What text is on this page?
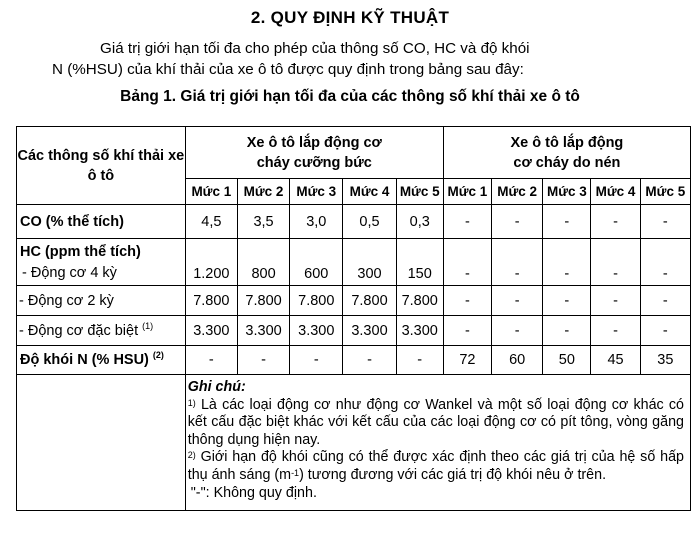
2. QUY ĐỊNH KỸ THUẬT
Giá trị giới hạn tối đa cho phép của thông số CO, HC và độ khói
N (%HSU) của khí thải của xe ô tô được quy định trong bảng sau đây:
Bảng 1. Giá trị giới hạn tối đa của các thông số khí thải xe ô tô
Các thông số khí thải xe ô tô	Xe ô tô lắp động cơ cháy cưỡng bức					Xe ô tô lắp động cơ cháy do nén				

	Mức 1	Mức 2	Mức 3	Mức 4	Mức 5	Mức 1	Mức 2	Mức 3	Mức 4	Mức 5
CO (% thể tích)	4,5	3,5	3,0	0,5	0,3	-	-	-	-	-

HC (ppm thể tích)
- Động cơ 4 kỳ	1.200	800	600	300	150	-	-	-	-	-
- Động cơ 2 kỳ	7.800	7.800	7.800	7.800	7.800	-	-	-	-	-
- Động cơ đặc biệt $^{(1)}$	3.300	3.300	3.300	3.300	3.300	-	-	-	-	-
Độ khói N (% HSU) $^{(2)}$	-	-	-	-	-	72	60	50	45	35

	Ghi chú:

$^{1)}$ Là các loại động cơ như động cơ Wankel và một số loại động cơ khác có kết cấu đặc biệt khác với kết cấu của các loại động cơ có pít tông, vòng găng thông dụng hiện nay.

$^{2)}$ Giới hạn độ khói cũng có thể được xác định theo các giá trị của hệ số hấp thụ ánh sáng $(m^{-1})$ tương đương với các giá trị độ khói nêu ở trên.

"-": Không quy định.									
